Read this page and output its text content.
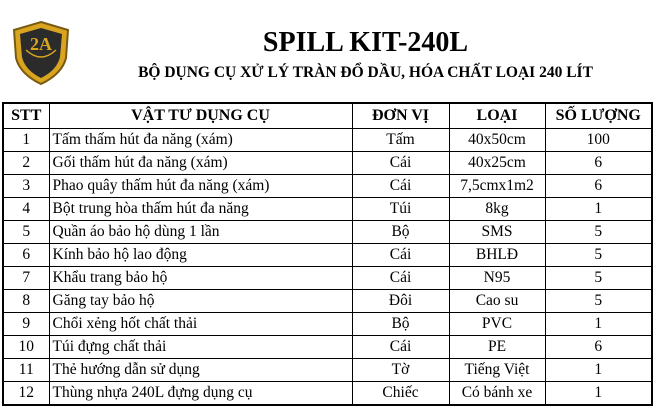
2A	SPILL KIT-240L
BỘ DỤNG CỤ XỬ LÝ TRÀN ĐỔ DẦU, HÓA CHẤT LOẠI 240 LÍT
STT	VẬT TƯ DỤNG CỤ	ĐƠN VỊ	LOẠI	SỐ LƯỢNG
1	Tấm thấm hút đa năng (xám)	Tấm	40x50cm	100
2	Gối thấm hút đa năng (xám)	Cái	40x25cm	6
3	Phao quây thấm hút đa năng (xám)	Cái	7,5cmx1m2	6
4	Bột trung hòa thấm hút đa năng	Túi	8kg	1
5	Quần áo bảo hộ dùng 1 lần	Bộ	SMS	5
6	Kính bảo hộ lao động	Cái	BHLĐ	5
7	Khẩu trang bảo hộ	Cái	N95	5
8	Găng tay bảo hộ	Đôi	Cao su	5
9	Chổi xẻng hốt chất thải	Bộ	PVC	1
10	Túi đựng chất thải	Cái	PE	6
11	Thẻ hướng dẫn sử dụng	Tờ	Tiếng Việt	1
12	Thùng nhựa 240L đựng dụng cụ	Chiếc	Có bánh xe	1
